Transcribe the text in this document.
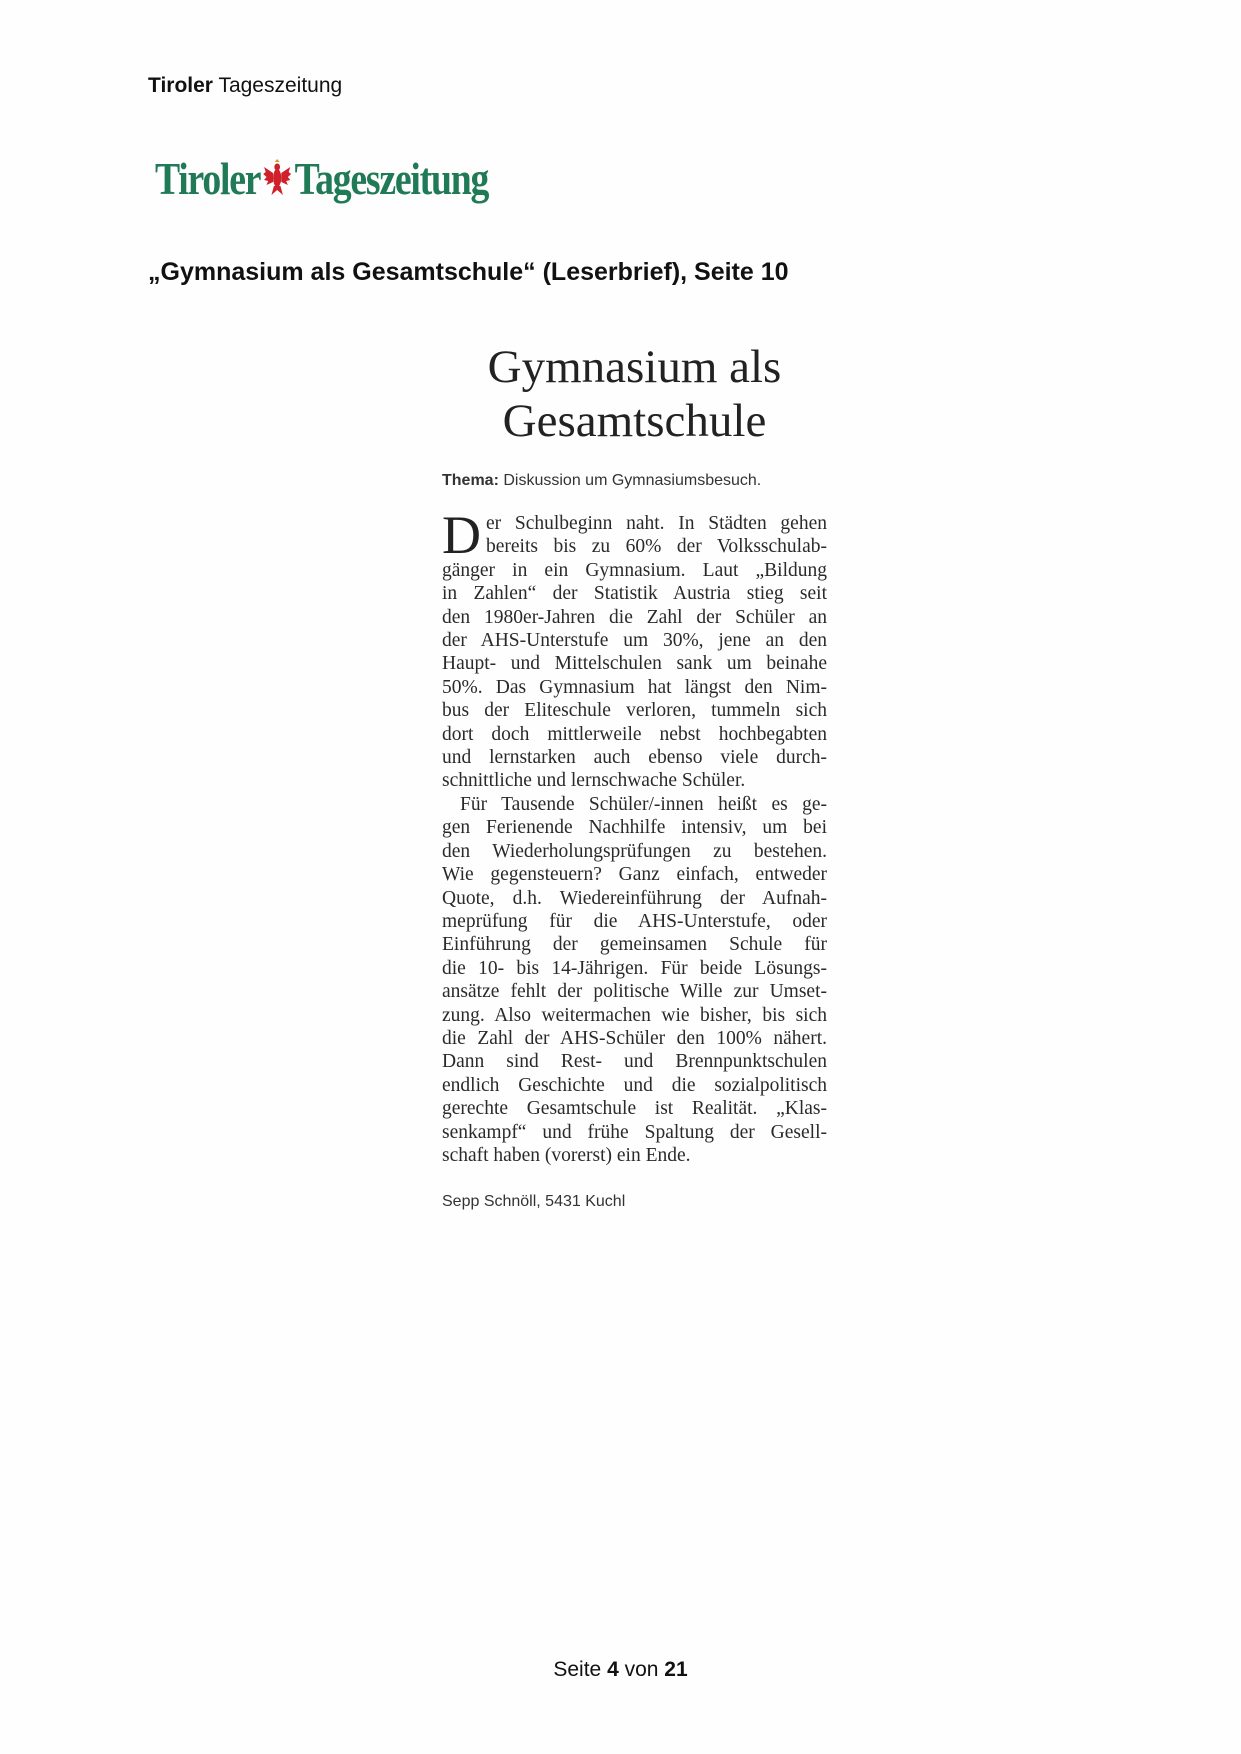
Tiroler Tageszeitung
Tiroler Tageszeitung
„Gymnasium als Gesamtschule“ (Leserbrief), Seite 10
Gymnasium als
Gesamtschule
Thema: Diskussion um Gymnasiumsbesuch.
D er Schulbeginn naht. In Städten gehen
bereits bis zu 60% der Volksschulab-
gänger in ein Gymnasium. Laut „Bildung
in Zahlen“ der Statistik Austria stieg seit
den 1980er-Jahren die Zahl der Schüler an
der AHS-Unterstufe um 30%, jene an den
Haupt- und Mittelschulen sank um beinahe
50%. Das Gymnasium hat längst den Nim-
bus der Eliteschule verloren, tummeln sich
dort doch mittlerweile nebst hochbegabten
und lernstarken auch ebenso viele durch-
schnittliche und lernschwache Schüler.
Für Tausende Schüler/-innen heißt es ge-
gen Ferienende Nachhilfe intensiv, um bei
den Wiederholungsprüfungen zu bestehen.
Wie gegensteuern? Ganz einfach, entweder
Quote, d.h. Wiedereinführung der Aufnah-
meprüfung für die AHS-Unterstufe, oder
Einführung der gemeinsamen Schule für
die 10- bis 14-Jährigen. Für beide Lösungs-
ansätze fehlt der politische Wille zur Umset-
zung. Also weitermachen wie bisher, bis sich
die Zahl der AHS-Schüler den 100% nähert.
Dann sind Rest- und Brennpunktschulen
endlich Geschichte und die sozialpolitisch
gerechte Gesamtschule ist Realität. „Klas-
senkampf“ und frühe Spaltung der Gesell-
schaft haben (vorerst) ein Ende.
Sepp Schnöll, 5431 Kuchl
Seite 4 von 21
